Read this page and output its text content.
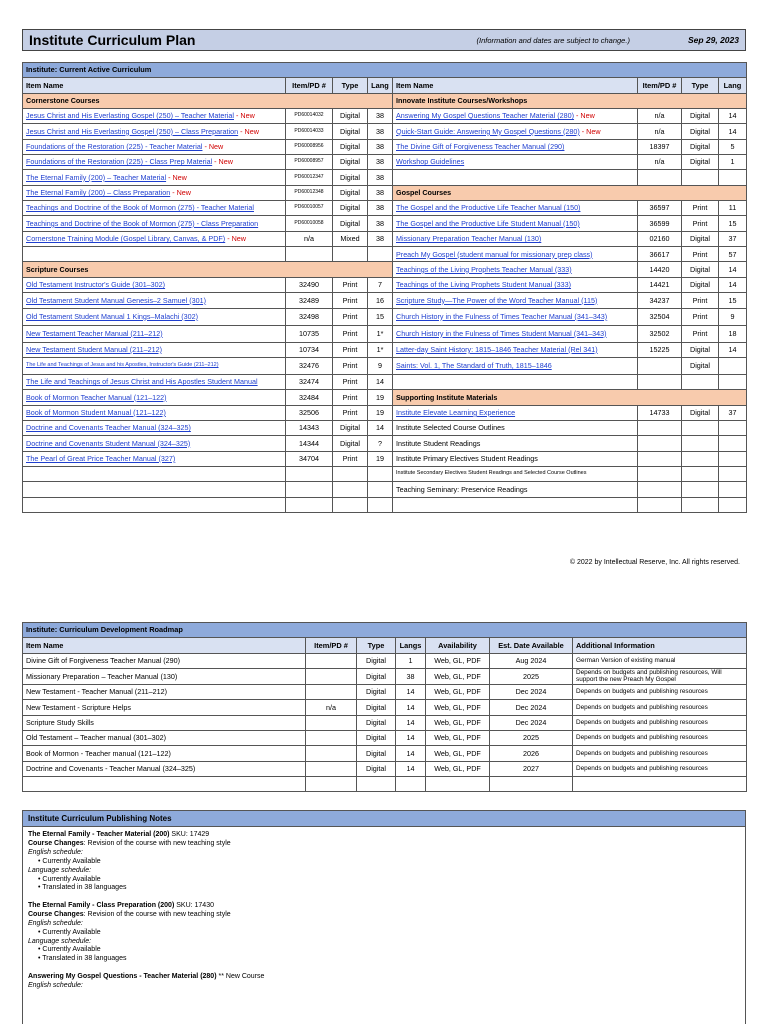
Institute Curriculum Plan	(Information and dates are subject to change.)	Sep 29, 2023
Institute: Current Active Curriculum							
Item Name	Item/PD #	Type	Lang	Item Name	Item/PD #	Type	Lang
Cornerstone Courses				Innovate Institute Courses/Workshops			
Jesus Christ and His Everlasting Gospel (250) – Teacher Material - New	PD60014032	Digital	38	Answering My Gospel Questions Teacher Material (280) - New	n/a	Digital	14
Jesus Christ and His Everlasting Gospel (250) – Class Preparation - New	PD60014033	Digital	38	Quick-Start Guide: Answering My Gospel Questions (280) - New	n/a	Digital	14
Foundations of the Restoration (225) - Teacher Material - New	PD60008956	Digital	38	The Divine Gift of Forgiveness Teacher Manual (290)	18397	Digital	5
Foundations of the Restoration (225) - Class Prep Material - New	PD60008957	Digital	38	Workshop Guidelines	n/a	Digital	1
The Eternal Family (200) – Teacher Material - New	PD60012347	Digital	38				
The Eternal Family (200) – Class Preparation - New	PD60012348	Digital	38	Gospel Courses			
Teachings and Doctrine of the Book of Mormon (275) - Teacher Material	PD60010057	Digital	38	The Gospel and the Productive Life Teacher Manual (150)	36597	Print	11
Teachings and Doctrine of the Book of Mormon (275) - Class Preparation	PD60010058	Digital	38	The Gospel and the Productive Life Student Manual (150)	36599	Print	15
Cornerstone Training Module (Gospel Library, Canvas, & PDF) - New	n/a	Mixed	38	Missionary Preparation Teacher Manual (130)	02160	Digital	37
				Preach My Gospel (student manual for missionary prep class)	36617	Print	57
Scripture Courses				Teachings of the Living Prophets Teacher Manual (333)	14420	Digital	14
Old Testament Instructor's Guide (301–302)	32490	Print	7	Teachings of the Living Prophets Student Manual (333)	14421	Digital	14
Old Testament Student Manual Genesis–2 Samuel (301)	32489	Print	16	Scripture Study—The Power of the Word Teacher Manual (115)	34237	Print	15
Old Testament Student Manual 1 Kings–Malachi (302)	32498	Print	15	Church History in the Fulness of Times Teacher Manual (341–343)	32504	Print	9
New Testament Teacher Manual (211–212)	10735	Print	1*	Church History in the Fulness of Times Student Manual (341–343)	32502	Print	18
New Testament Student Manual (211–212)	10734	Print	1*	Latter-day Saint History: 1815–1846 Teacher Material (Rel 341)	15225	Digital	14
The Life and Teachings of Jesus and his Apostles, Instructor's Guide (211–212)	32476	Print	9	Saints: Vol. 1, The Standard of Truth, 1815–1846		Digital	
The Life and Teachings of Jesus Christ and His Apostles Student Manual	32474	Print	14				
Book of Mormon Teacher Manual (121–122)	32484	Print	19	Supporting Institute Materials			
Book of Mormon Student Manual (121–122)	32506	Print	19	Institute Elevate Learning Experience	14733	Digital	37
Doctrine and Covenants Teacher Manual (324–325)	14343	Digital	14	Institute Selected Course Outlines			
Doctrine and Covenants Student Manual (324–325)	14344	Digital	?	Institute Student Readings			
The Pearl of Great Price Teacher Manual (327)	34704	Print	19	Institute Primary Electives Student Readings			
				Institute Secondary Electives Student Readings and Selected Course Outlines			
				Teaching Seminary: Preservice Readings			

© 2022 by Intellectual Reserve, Inc. All rights reserved.
Institute: Curriculum Development Roadmap						
Item Name	Item/PD #	Type	Langs	Availability	Est. Date Available	Additional Information
Divine Gift of Forgiveness Teacher Manual (290)		Digital	1	Web, GL, PDF	Aug 2024	German Version of existing manual
Missionary Preparation – Teacher Manual (130)		Digital	38	Web, GL, PDF	2025	Depends on budgets and publishing resources, Will support the new Preach My Gospel
New Testament - Teacher Manual (211–212)		Digital	14	Web, GL, PDF	Dec 2024	Depends on budgets and publishing resources
New Testament - Scripture Helps	n/a	Digital	14	Web, GL, PDF	Dec 2024	Depends on budgets and publishing resources
Scripture Study Skills		Digital	14	Web, GL, PDF	Dec 2024	Depends on budgets and publishing resources
Old Testament – Teacher manual (301–302)		Digital	14	Web, GL, PDF	2025	Depends on budgets and publishing resources
Book of Mormon - Teacher manual (121–122)		Digital	14	Web, GL, PDF	2026	Depends on budgets and publishing resources
Doctrine and Covenants - Teacher Manual (324–325)		Digital	14	Web, GL, PDF	2027	Depends on budgets and publishing resources

Institute Curriculum Publishing Notes
The Eternal Family - Teacher Material (200) SKU: 17429
Course Changes: Revision of the course with new teaching style
English schedule:
• Currently Available
Language schedule:
• Currently Available
• Translated in 38 languages
The Eternal Family - Class Preparation (200) SKU: 17430
Course Changes: Revision of the course with new teaching style
English schedule:
• Currently Available
Language schedule:
• Currently Available
• Translated in 38 languages
Answering My Gospel Questions - Teacher Material (280) ** New Course
English schedule:
